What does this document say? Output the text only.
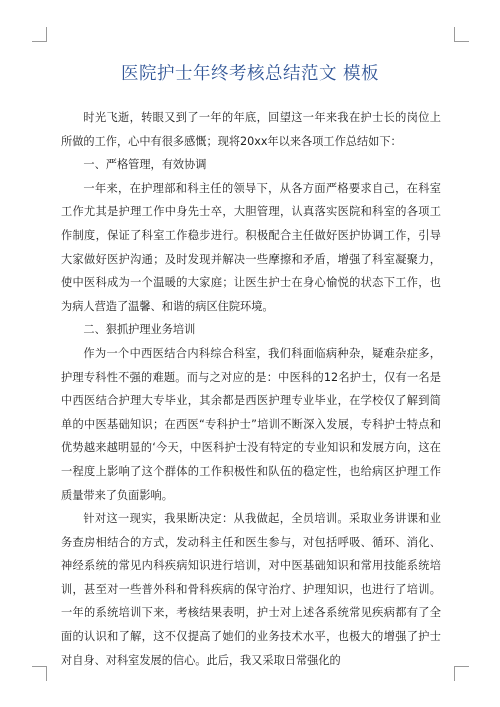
医院护士年终考核总结范文 模板

时光飞逝，转眼又到了一年的年底，回望这一年来我在护士长的岗位上所做的工作，心中有很多感慨；现将20xx年以来各项工作总结如下：

一、严格管理，有效协调

一年来，在护理部和科主任的领导下，从各方面严格要求自己，在科室工作尤其是护理工作中身先士卒，大胆管理，认真落实医院和科室的各项工作制度，保证了科室工作稳步进行。积极配合主任做好医护协调工作，引导大家做好医护沟通；及时发现并解决一些摩擦和矛盾，增强了科室凝聚力，使中医科成为一个温暖的大家庭；让医生护士在身心愉悦的状态下工作，也为病人营造了温馨、和谐的病区住院环境。

二、狠抓护理业务培训

作为一个中西医结合内科综合科室，我们科面临病种杂，疑难杂症多，护理专科性不强的难题。而与之对应的是：中医科的12名护士，仅有一名是中西医结合护理大专毕业，其余都是西医护理专业毕业，在学校仅了解到简单的中医基础知识；在西医“专科护士”培训不断深入发展，专科护士特点和优势越来越明显的‘今天，中医科护士没有特定的专业知识和发展方向，这在一程度上影响了这个群体的工作积极性和队伍的稳定性，也给病区护理工作质量带来了负面影响。

针对这一现实，我果断决定：从我做起，全员培训。采取业务讲课和业务查房相结合的方式，发动科主任和医生参与，对包括呼吸、循环、消化、神经系统的常见内科疾病知识进行培训，对中医基础知识和常用技能系统培训，甚至对一些普外科和骨科疾病的保守治疗、护理知识，也进行了培训。一年的系统培训下来，考核结果表明，护士对上述各系统常见疾病都有了全面的认识和了解，这不仅提高了她们的业务技术水平，也极大的增强了护士对自身、对科室发展的信心。此后，我又采取日常强化的
